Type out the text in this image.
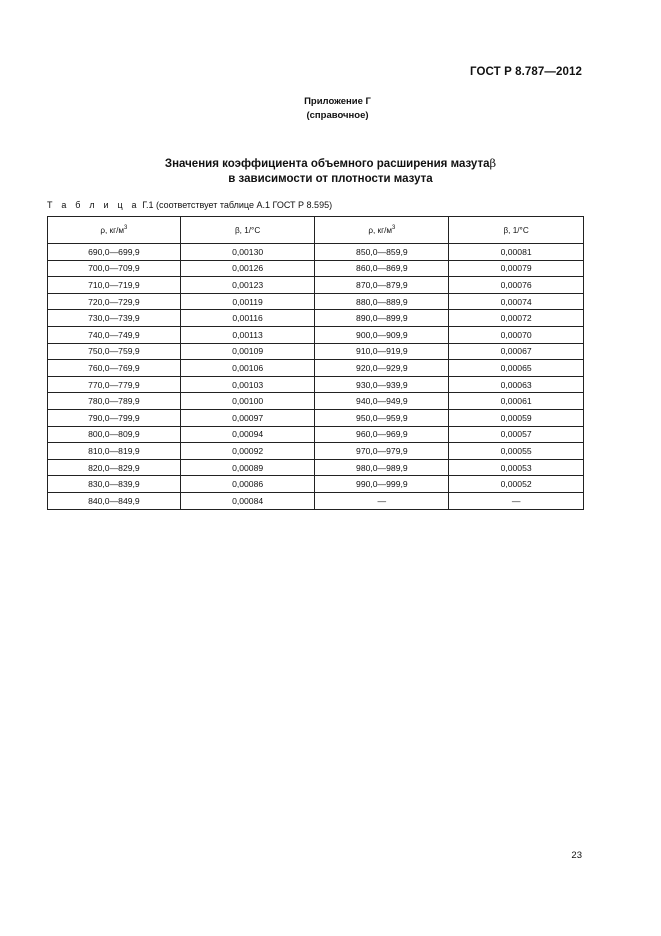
ГОСТ Р 8.787—2012
Приложение Г
(справочное)
Значения коэффициента объемного расширения мазутаβ
в зависимости от плотности мазута
Т а б л и ц а Г.1 (соответствует таблице А.1 ГОСТ Р 8.595)
ρ, $кг/м^3$	β, 1/°C	ρ, $кг/м^3$	β, 1/°C
690,0—699,9	0,00130	850,0—859,9	0,00081
700,0—709,9	0,00126	860,0—869,9	0,00079
710,0—719,9	0,00123	870,0—879,9	0,00076
720,0—729,9	0,00119	880,0—889,9	0,00074
730,0—739,9	0,00116	890,0—899,9	0,00072
740,0—749,9	0,00113	900,0—909,9	0,00070
750,0—759,9	0,00109	910,0—919,9	0,00067
760,0—769,9	0,00106	920,0—929,9	0,00065
770,0—779,9	0,00103	930,0—939,9	0,00063
780,0—789,9	0,00100	940,0—949,9	0,00061
790,0—799,9	0,00097	950,0—959,9	0,00059
800,0—809,9	0,00094	960,0—969,9	0,00057
810,0—819,9	0,00092	970,0—979,9	0,00055
820,0—829,9	0,00089	980,0—989,9	0,00053
830,0—839,9	0,00086	990,0—999,9	0,00052
840,0—849,9	0,00084	—	—
23
